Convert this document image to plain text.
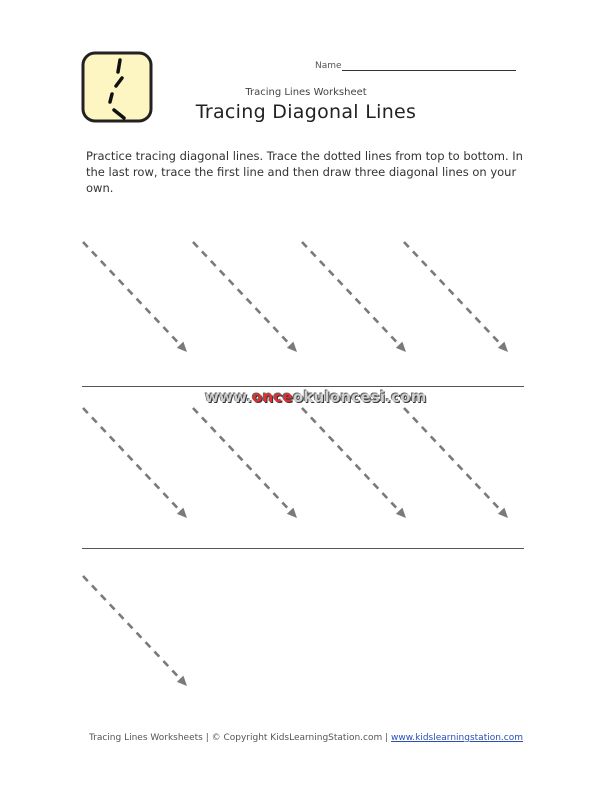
Name
Tracing Lines Worksheet
Tracing Diagonal Lines

Practice tracing diagonal lines. Trace the dotted lines from top to bottom. In the last row, trace the first line and then draw three diagonal lines on your own.

www.onceokuloncesi.com
Tracing Lines Worksheets | © Copyright KidsLearningStation.com | www.kidslearningstation.com
